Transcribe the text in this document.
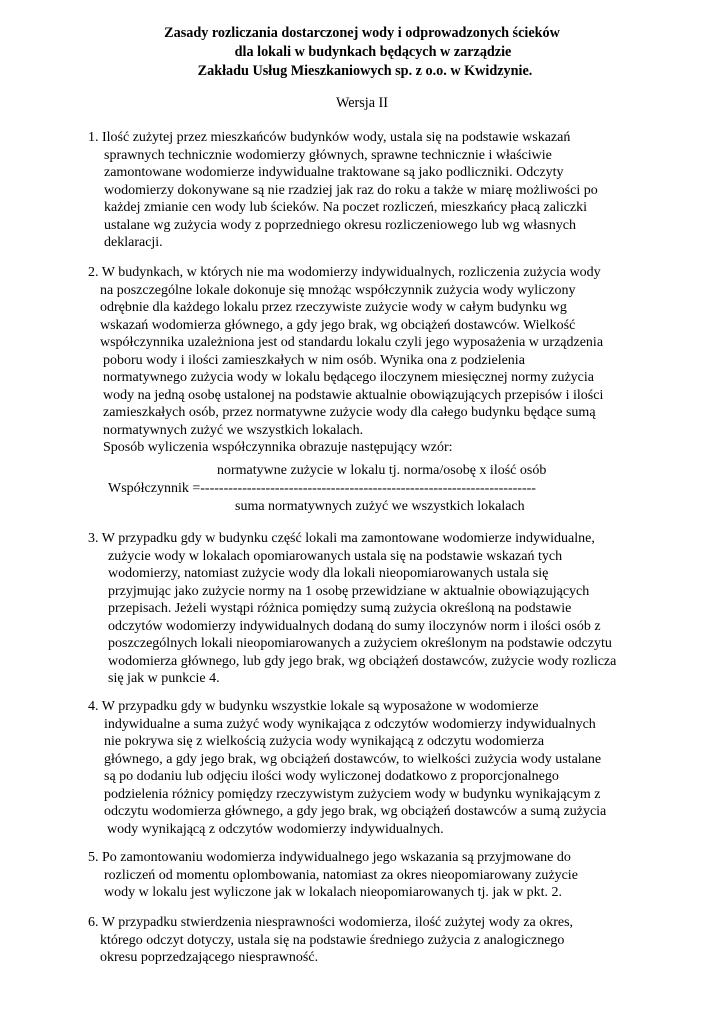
Zasady rozliczania dostarczonej wody i odprowadzonych ścieków
dla lokali w budynkach będących w zarządzie
Zakładu Usług Mieszkaniowych sp. z o.o. w Kwidzynie.
Wersja II
1. Ilość zużytej przez mieszkańców budynków wody, ustala się na podstawie wskazań
sprawnych technicznie wodomierzy głównych, sprawne technicznie i właściwie
zamontowane wodomierze indywidualne traktowane są jako podliczniki. Odczyty
wodomierzy dokonywane są nie rzadziej jak raz do roku a także w miarę możliwości po
każdej zmianie cen wody lub ścieków. Na poczet rozliczeń, mieszkańcy płacą zaliczki
ustalane wg zużycia wody z poprzedniego okresu rozliczeniowego lub wg własnych
deklaracji.
2. W budynkach, w których nie ma wodomierzy indywidualnych, rozliczenia zużycia wody
na poszczególne lokale dokonuje się mnożąc współczynnik zużycia wody wyliczony
odrębnie dla każdego lokalu przez rzeczywiste zużycie wody w całym budynku wg
wskazań wodomierza głównego, a gdy jego brak, wg obciążeń dostawców. Wielkość
współczynnika uzależniona jest od standardu lokalu czyli jego wyposażenia w urządzenia
poboru wody i ilości zamieszkałych w nim osób. Wynika ona z podzielenia
normatywnego zużycia wody w lokalu będącego iloczynem miesięcznej normy zużycia
wody na jedną osobę ustalonej na podstawie aktualnie obowiązujących przepisów i ilości
zamieszkałych osób, przez normatywne zużycie wody dla całego budynku będące sumą
normatywnych zużyć we wszystkich lokalach.
Sposób wyliczenia współczynnika obrazuje następujący wzór:
normatywne zużycie w lokalu tj. norma/osobę x ilość osób
Współczynnik =------------------------------------------------------------------------
suma normatywnych zużyć we wszystkich lokalach
3. W przypadku gdy w budynku część lokali ma zamontowane wodomierze indywidualne,
zużycie wody w lokalach opomiarowanych ustala się na podstawie wskazań tych
wodomierzy, natomiast zużycie wody dla lokali nieopomiarowanych ustala się
przyjmując jako zużycie normy na 1 osobę przewidziane w aktualnie obowiązujących
przepisach. Jeżeli wystąpi różnica pomiędzy sumą zużycia określoną na podstawie
odczytów wodomierzy indywidualnych dodaną do sumy iloczynów norm i ilości osób z
poszczególnych lokali nieopomiarowanych a zużyciem określonym na podstawie odczytu
wodomierza głównego, lub gdy jego brak, wg obciążeń dostawców, zużycie wody rozlicza
się jak w punkcie 4.
4. W przypadku gdy w budynku wszystkie lokale są wyposażone w wodomierze
indywidualne a suma zużyć wody wynikająca z odczytów wodomierzy indywidualnych
nie pokrywa się z wielkością zużycia wody wynikającą z odczytu wodomierza
głównego, a gdy jego brak, wg obciążeń dostawców, to wielkości zużycia wody ustalane
są po dodaniu lub odjęciu ilości wody wyliczonej dodatkowo z proporcjonalnego
podzielenia różnicy pomiędzy rzeczywistym zużyciem wody w budynku wynikającym z
odczytu wodomierza głównego, a gdy jego brak, wg obciążeń dostawców a sumą zużycia
wody wynikającą z odczytów wodomierzy indywidualnych.
5. Po zamontowaniu wodomierza indywidualnego jego wskazania są przyjmowane do
rozliczeń od momentu oplombowania, natomiast za okres nieopomiarowany zużycie
wody w lokalu jest wyliczone jak w lokalach nieopomiarowanych tj. jak w pkt. 2.
6. W przypadku stwierdzenia niesprawności wodomierza, ilość zużytej wody za okres,
którego odczyt dotyczy, ustala się na podstawie średniego zużycia z analogicznego
okresu poprzedzającego niesprawność.
